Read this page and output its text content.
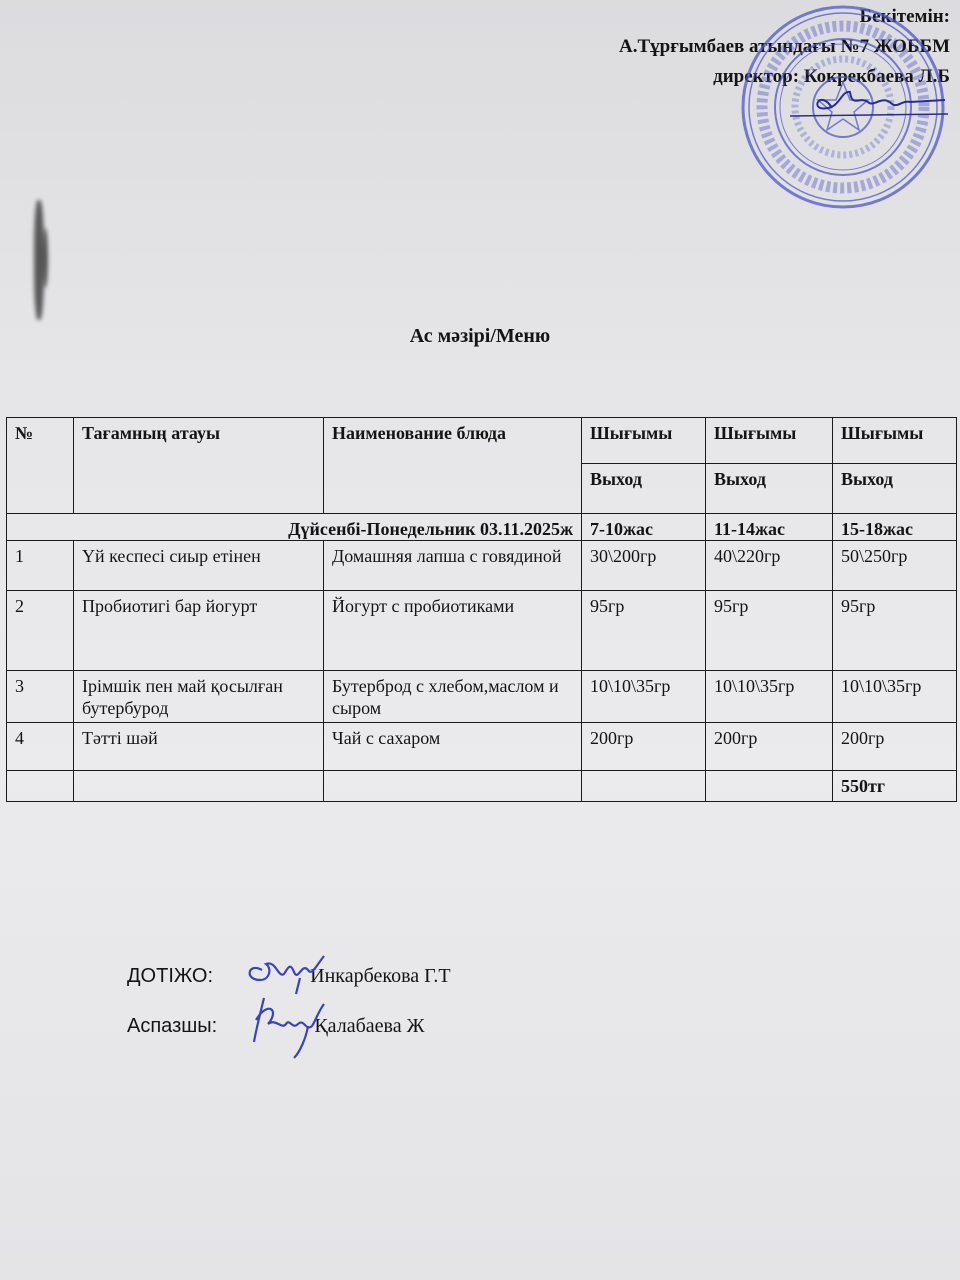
Бекітемін:
А.Тұрғымбаев атындағы №7 ЖОББМ
директор: Кокрекбаева Л.Б
Ас мәзірі/Меню
№	Тағамның атауы	Наименование блюда	Шығымы	Шығымы	Шығымы
			Выход	Выход	Выход
Дүйсенбі-Понедельник 03.11.2025ж			7-10жас	11-14жас	15-18жас
1	Үй кеспесі сиыр етінен	Домашняя лапша с говядиной	30\200гр	40\220гр	50\250гр
2	Пробиотигі бар йогурт	Йогурт с пробиотиками	95гр	95гр	95гр
3	Ірімшік пен май қосылған бутербурод	Бутерброд с хлебом,маслом и сыром	10\10\35гр	10\10\35гр	10\10\35гр
4	Тәтті шәй	Чай с сахаром	200гр	200гр	200гр
					550тг
ДОТІЖО:	Инкарбекова Г.Т
Аспазшы:	Қалабаева Ж
